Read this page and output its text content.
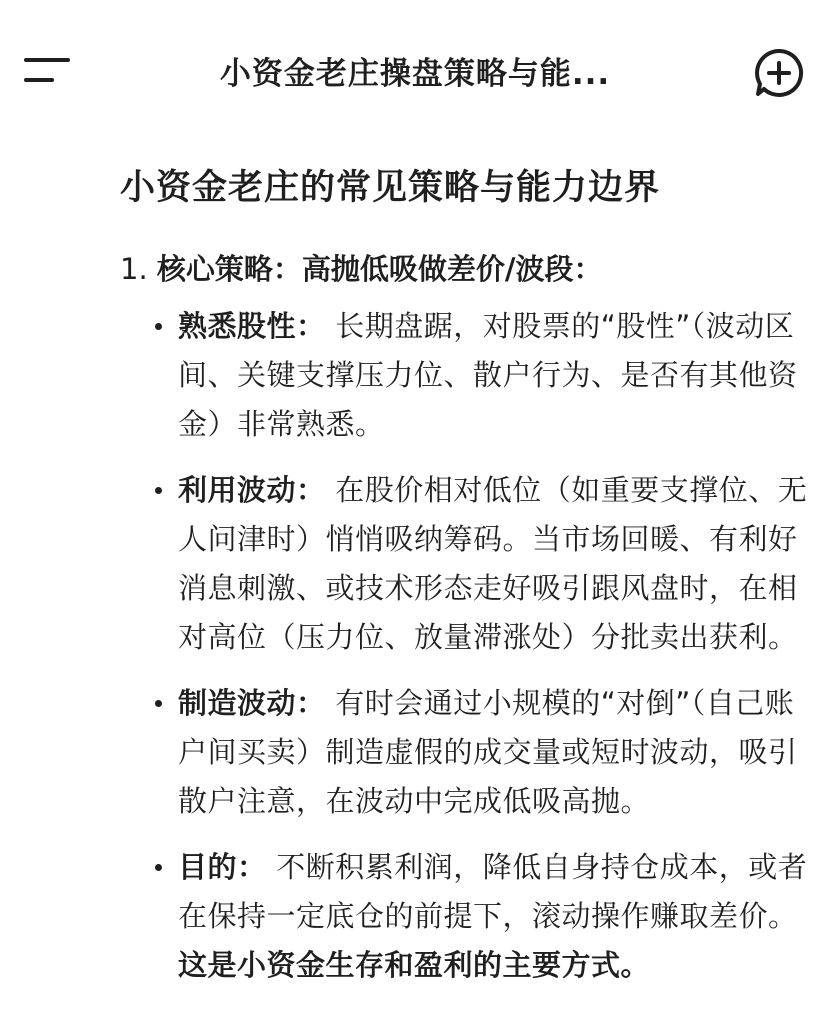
小资金老庄操盘策略与能...
小资金老庄的常见策略与能力边界
1. 核心策略：高抛低吸做差价/波段：
熟悉股性： 长期盘踞，对股票的“股性”（波动区间、关键支撑压力位、散户行为、是否有其他资金）非常熟悉。
利用波动： 在股价相对低位（如重要支撑位、无人问津时）悄悄吸纳筹码。当市场回暖、有利好消息刺激、或技术形态走好吸引跟风盘时，在相对高位（压力位、放量滞涨处）分批卖出获利。
制造波动： 有时会通过小规模的“对倒”（自己账户间买卖）制造虚假的成交量或短时波动，吸引散户注意，在波动中完成低吸高抛。
目的： 不断积累利润，降低自身持仓成本，或者在保持一定底仓的前提下，滚动操作赚取差价。这是小资金生存和盈利的主要方式。
